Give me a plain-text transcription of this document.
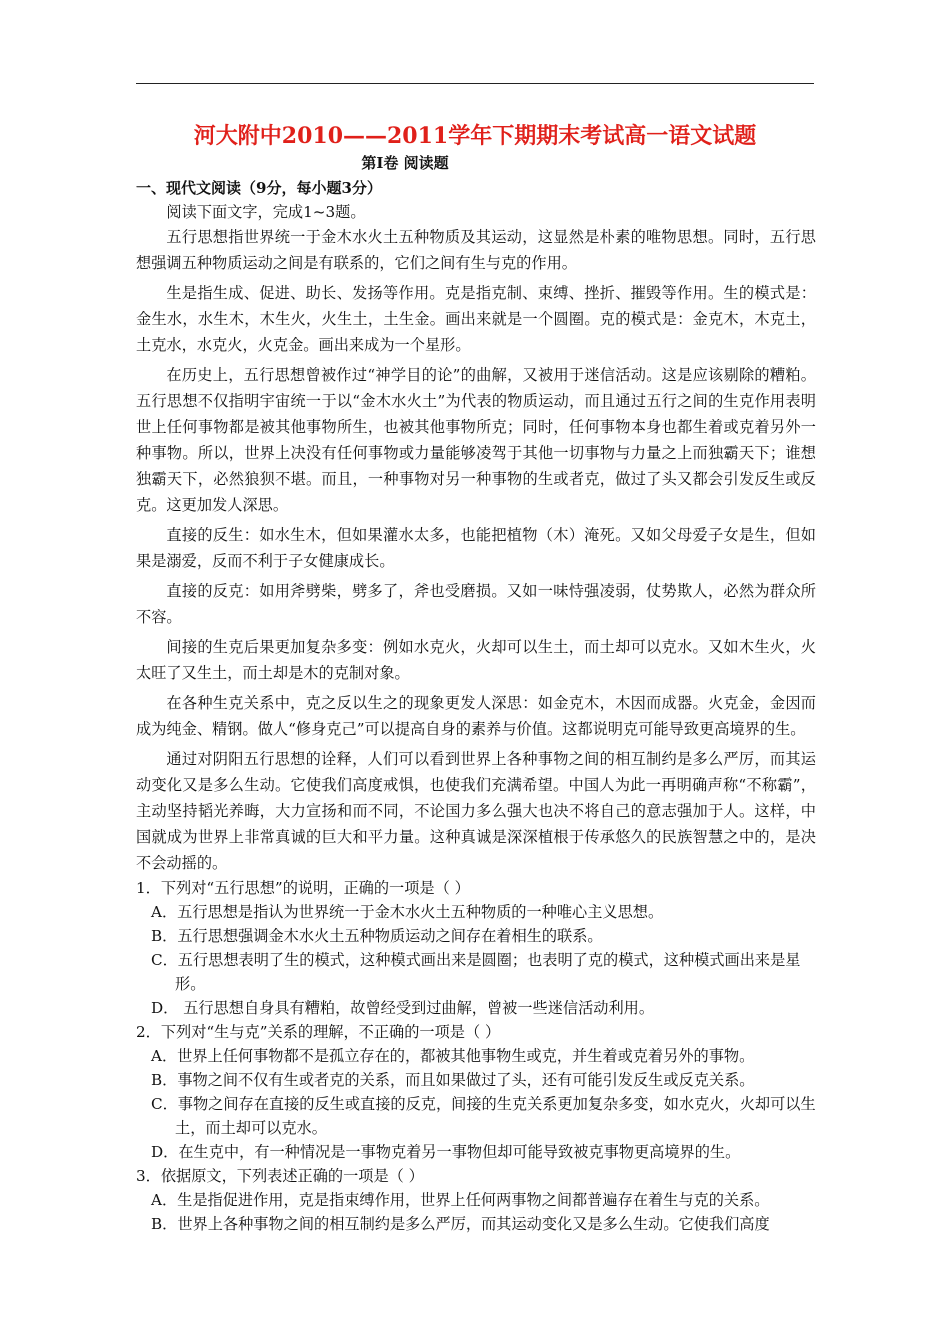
河大附中2010——2011学年下期期末考试高一语文试题
第Ⅰ卷 阅读题
一、现代文阅读（9分，每小题3分）
阅读下面文字，完成1~3题。
五行思想指世界统一于金木水火土五种物质及其运动，这显然是朴素的唯物思想。同时，五行思想强调五种物质运动之间是有联系的，它们之间有生与克的作用。
生是指生成、促进、助长、发扬等作用。克是指克制、束缚、挫折、摧毁等作用。生的模式是：金生水，水生木，木生火，火生土，土生金。画出来就是一个圆圈。克的模式是：金克木，木克土，土克水，水克火，火克金。画出来成为一个星形。
在历史上，五行思想曾被作过“神学目的论”的曲解，又被用于迷信活动。这是应该剔除的糟粕。五行思想不仅指明宇宙统一于以“金木水火土”为代表的物质运动，而且通过五行之间的生克作用表明世上任何事物都是被其他事物所生，也被其他事物所克；同时，任何事物本身也都生着或克着另外一种事物。所以，世界上决没有任何事物或力量能够凌驾于其他一切事物与力量之上而独霸天下；谁想独霸天下，必然狼狈不堪。而且，一种事物对另一种事物的生或者克，做过了头又都会引发反生或反克。这更加发人深思。
直接的反生：如水生木，但如果灌水太多，也能把植物（木）淹死。又如父母爱子女是生，但如果是溺爱，反而不利于子女健康成长。
直接的反克：如用斧劈柴，劈多了，斧也受磨损。又如一味恃强凌弱，仗势欺人，必然为群众所不容。
间接的生克后果更加复杂多变：例如水克火，火却可以生土，而土却可以克水。又如木生火，火太旺了又生土，而土却是木的克制对象。
在各种生克关系中，克之反以生之的现象更发人深思：如金克木，木因而成器。火克金，金因而成为纯金、精钢。做人“修身克己”可以提高自身的素养与价值。这都说明克可能导致更高境界的生。
通过对阴阳五行思想的诠释，人们可以看到世界上各种事物之间的相互制约是多么严厉，而其运动变化又是多么生动。它使我们高度戒惧，也使我们充满希望。中国人为此一再明确声称“不称霸”，主动坚持韬光养晦，大力宣扬和而不同，不论国力多么强大也决不将自己的意志强加于人。这样，中国就成为世界上非常真诚的巨大和平力量。这种真诚是深深植根于传承悠久的民族智慧之中的，是决不会动摇的。
1．下列对“五行思想”的说明，正确的一项是（ ）
A．五行思想是指认为世界统一于金木水火土五种物质的一种唯心主义思想。
B．五行思想强调金木水火土五种物质运动之间存在着相生的联系。
C．五行思想表明了生的模式，这种模式画出来是圆圈；也表明了克的模式，这种模式画出来是星形。
D． 五行思想自身具有糟粕，故曾经受到过曲解，曾被一些迷信活动利用。
2．下列对“生与克”关系的理解，不正确的一项是（ ）
A．世界上任何事物都不是孤立存在的，都被其他事物生或克，并生着或克着另外的事物。
B．事物之间不仅有生或者克的关系，而且如果做过了头，还有可能引发反生或反克关系。
C．事物之间存在直接的反生或直接的反克，间接的生克关系更加复杂多变，如水克火，火却可以生土，而土却可以克水。
D．在生克中，有一种情况是一事物克着另一事物但却可能导致被克事物更高境界的生。
3．依据原文，下列表述正确的一项是（ ）
A．生是指促进作用，克是指束缚作用，世界上任何两事物之间都普遍存在着生与克的关系。
B．世界上各种事物之间的相互制约是多么严厉，而其运动变化又是多么生动。它使我们高度
